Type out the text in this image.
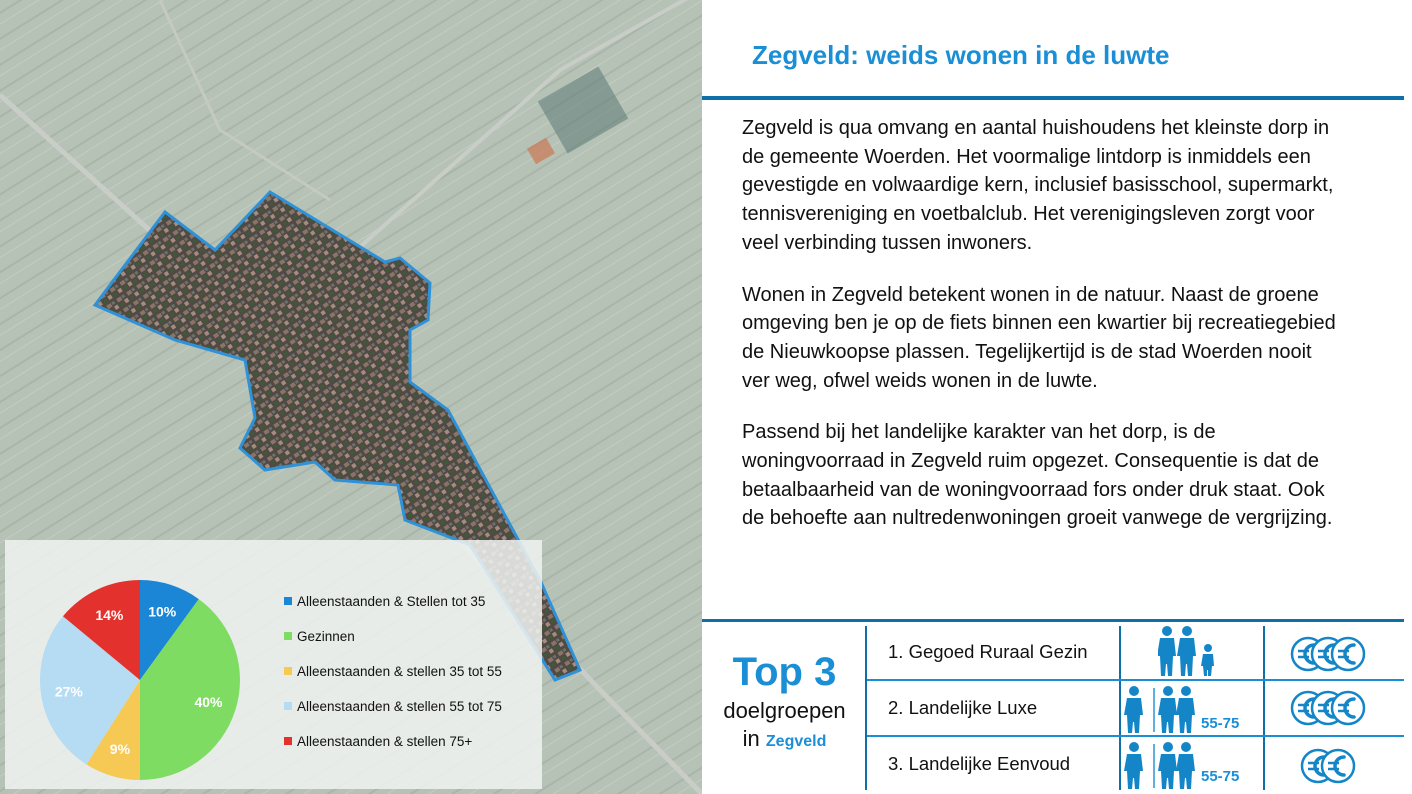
10%
40%
9%
27%
14%
Alleenstaanden & Stellen tot 35
Gezinnen
Alleenstaanden & stellen 35 tot 55
Alleenstaanden & stellen 55 tot 75
Alleenstaanden & stellen 75+
Zegveld: weids wonen in de luwte

Zegveld is qua omvang en aantal huishoudens het kleinste dorp in de gemeente Woerden. Het voormalige lintdorp is inmiddels een gevestigde en volwaardige kern, inclusief basisschool, supermarkt, tennisvereniging en voetbalclub. Het verenigingsleven zorgt voor veel verbinding tussen inwoners.

Wonen in Zegveld betekent wonen in de natuur. Naast de groene omgeving ben je op de fiets binnen een kwartier bij recreatiegebied de Nieuwkoopse plassen. Tegelijkertijd is de stad Woerden nooit ver weg, ofwel weids wonen in de luwte.

Passend bij het landelijke karakter van het dorp, is de woningvoorraad in Zegveld ruim opgezet. Consequentie is dat de betaalbaarheid van de woningvoorraad fors onder druk staat. Ook de behoefte aan nultredenwoningen groeit vanwege de vergrijzing.

Top 3
doelgroepen
in Zegveld
1. Gegoed Ruraal Gezin
2. Landelijke Luxe
3. Landelijke Eenvoud
55-75
55-75
